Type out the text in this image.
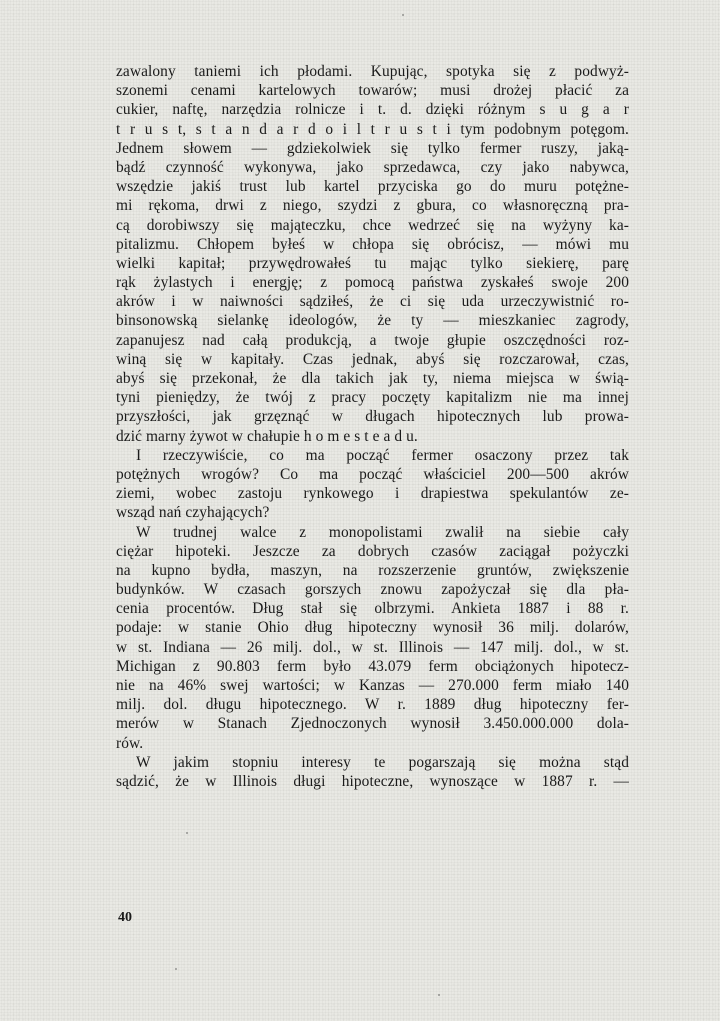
zawalony taniemi ich płodami. Kupując, spotyka się z podwyż-
szonemi cenami kartelowych towarów; musi drożej płacić za
cukier, naftę, narzędzia rolnicze i t. d. dzięki różnym s u g a r
t r u s t, s t a n d a r d o i l t r u s t i tym podobnym potęgom.
Jednem słowem — gdziekolwiek się tylko fermer ruszy, jaką-
bądź czynność wykonywa, jako sprzedawca, czy jako nabywca,
wszędzie jakiś trust lub kartel przyciska go do muru potężne-
mi rękoma, drwi z niego, szydzi z gbura, co własnoręczną pra-
cą dorobiwszy się mająteczku, chce wedrzeć się na wyżyny ka-
pitalizmu. Chłopem byłeś w chłopa się obrócisz, — mówi mu
wielki kapitał; przywędrowałeś tu mając tylko siekierę, parę
rąk żylastych i energję; z pomocą państwa zyskałeś swoje 200
akrów i w naiwności sądziłeś, że ci się uda urzeczywistnić ro-
binsonowską sielankę ideologów, że ty — mieszkaniec zagrody,
zapanujesz nad całą produkcją, a twoje głupie oszczędności roz-
winą się w kapitały. Czas jednak, abyś się rozczarował, czas,
abyś się przekonał, że dla takich jak ty, niema miejsca w świą-
tyni pieniędzy, że twój z pracy poczęty kapitalizm nie ma innej
przyszłości, jak grzęznąć w długach hipotecznych lub prowa-
dzić marny żywot w chałupie h o m e s t e a d u.
I rzeczywiście, co ma począć fermer osaczony przez tak
potężnych wrogów? Co ma począć właściciel 200—500 akrów
ziemi, wobec zastoju rynkowego i drapiestwa spekulantów ze-
wsząd nań czyhających?
W trudnej walce z monopolistami zwalił na siebie cały
ciężar hipoteki. Jeszcze za dobrych czasów zaciągał pożyczki
na kupno bydła, maszyn, na rozszerzenie gruntów, zwiększenie
budynków. W czasach gorszych znowu zapożyczał się dla pła-
cenia procentów. Dług stał się olbrzymi. Ankieta 1887 i 88 r.
podaje: w stanie Ohio dług hipoteczny wynosił 36 milj. dolarów,
w st. Indiana — 26 milj. dol., w st. Illinois — 147 milj. dol., w st.
Michigan z 90.803 ferm było 43.079 ferm obciążonych hipotecz-
nie na 46% swej wartości; w Kanzas — 270.000 ferm miało 140
milj. dol. długu hipotecznego. W r. 1889 dług hipoteczny fer-
merów w Stanach Zjednoczonych wynosił 3.450.000.000 dola-
rów.
W jakim stopniu interesy te pogarszają się można stąd
sądzić, że w Illinois długi hipoteczne, wynoszące w 1887 r. —
40
